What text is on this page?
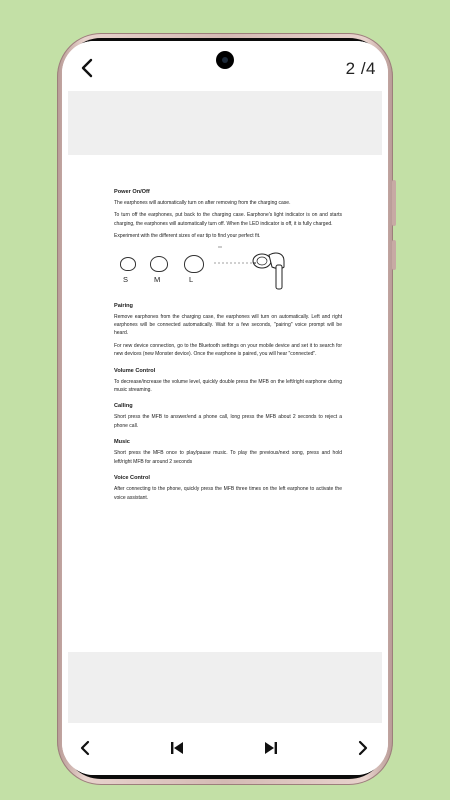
2 /4
Power On/Off
The earphones will automatically turn on after removing from the charging case.
To turn off the earphones, put back to the charging case. Earphone's light indicator is on and starts charging, the earphones will automatically turn off. When the LED indicator is off, it is fully charged.
Experiment with the different sizes of ear tip to find your perfect fit.
S	M	L
Pairing
Remove earphones from the charging case, the earphones will turn on automatically. Left and right earphones will be connected automatically. Wait for a few seconds, "pairing" voice prompt will be heard.
For new device connection, go to the Bluetooth settings on your mobile device and set it to search for new devices (new Monster device). Once the earphone is paired, you will hear "connected".
Volume Control
To decrease/increase the volume level, quickly double press the MFB on the left/right earphone during music streaming.
Calling
Short press the MFB to answer/end a phone call, long press the MFB about 2 seconds to reject a phone call.
Music
Short press the MFB once to play/pause music. To play the previous/next song, press and hold left/right MFB for around 2 seconds
Voice Control
After connecting to the phone, quickly press the MFB three times on the left earphone to activate the voice assistant.
